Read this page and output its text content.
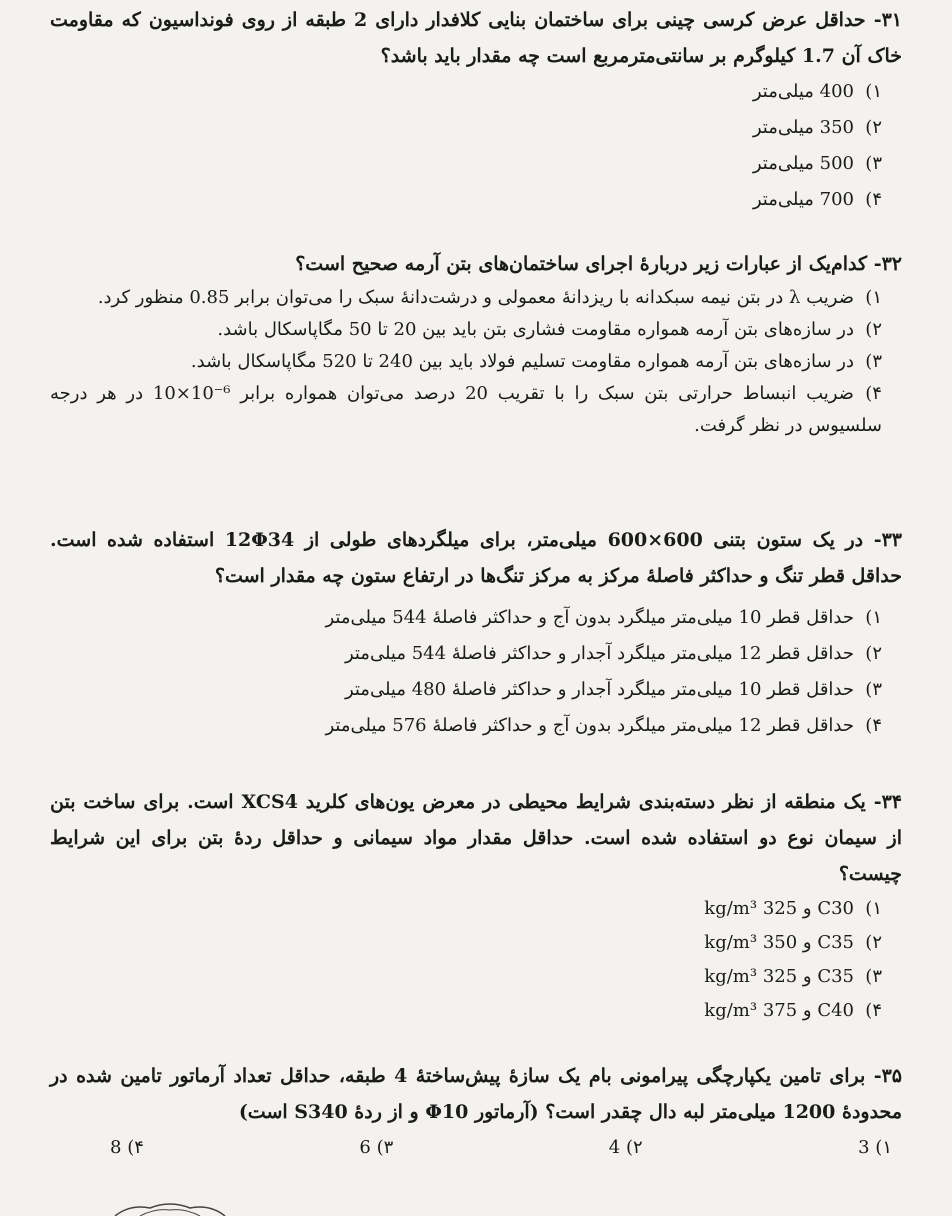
۳۱- حداقل عرض کرسی چینی برای ساختمان بنایی کلافدار دارای 2 طبقه از روی فونداسیون که مقاومت خاک آن 1.7 کیلوگرم بر سانتی‌مترمربع است چه مقدار باید باشد؟
۱)400 میلی‌متر
۲)350 میلی‌متر
۳)500 میلی‌متر
۴)700 میلی‌متر
۳۲- کدام‌یک از عبارات زیر دربارهٔ اجرای ساختمان‌های بتن آرمه صحیح است؟
۱)ضریب λ در بتن نیمه سبکدانه با ریزدانهٔ معمولی و درشت‌دانهٔ سبک را می‌توان برابر 0.85 منظور کرد.
۲)در سازه‌های بتن آرمه همواره مقاومت فشاری بتن باید بین 20 تا 50 مگاپاسکال باشد.
۳)در سازه‌های بتن آرمه همواره مقاومت تسلیم فولاد باید بین 240 تا 520 مگاپاسکال باشد.
۴)ضریب انبساط حرارتی بتن سبک را با تقریب 20 درصد می‌توان همواره برابر ‎10×10⁻⁶‎ در هر درجه سلسیوس در نظر گرفت.
۳۳- در یک ستون بتنی 600×600 میلی‌متر، برای میلگردهای طولی از 12Φ34 استفاده شده است. حداقل قطر تنگ و حداکثر فاصلهٔ مرکز به مرکز تنگ‌ها در ارتفاع ستون چه مقدار است؟
۱)حداقل قطر 10 میلی‌متر میلگرد بدون آج و حداکثر فاصلهٔ 544 میلی‌متر
۲)حداقل قطر 12 میلی‌متر میلگرد آجدار و حداکثر فاصلهٔ 544 میلی‌متر
۳)حداقل قطر 10 میلی‌متر میلگرد آجدار و حداکثر فاصلهٔ 480 میلی‌متر
۴)حداقل قطر 12 میلی‌متر میلگرد بدون آج و حداکثر فاصلهٔ 576 میلی‌متر
۳۴- یک منطقه از نظر دسته‌بندی شرایط محیطی در معرض یون‌های کلرید XCS4 است. برای ساخت بتن از سیمان نوع دو استفاده شده است. حداقل مقدار مواد سیمانی و حداقل ردهٔ بتن برای این شرایط چیست؟
۱)C30 و 325 kg/m³
۲)C35 و 350 kg/m³
۳)C35 و 325 kg/m³
۴)C40 و 375 kg/m³
۳۵- برای تامین یکپارچگی پیرامونی بام یک سازهٔ پیش‌ساختهٔ 4 طبقه، حداقل تعداد آرماتور تامین شده در محدودهٔ 1200 میلی‌متر لبه دال چقدر است؟ (آرماتور Φ10 و از ردهٔ S340 است)
۱) 3
۲) 4
۳) 6
۴) 8
